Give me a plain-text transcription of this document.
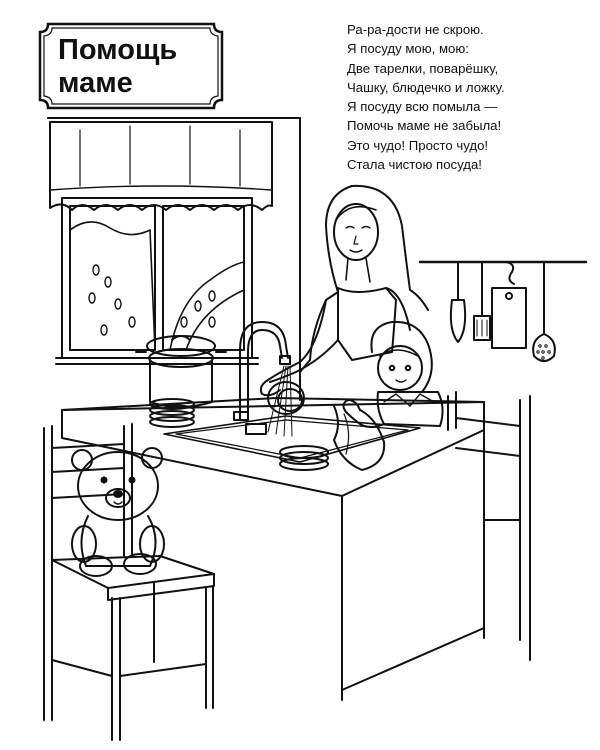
Помощь
маме
Ра-ра-дости не скрою.
Я посуду мою, мою:
Две тарелки, поварёшку,
Чашку, блюдечко и ложку.
Я посуду всю помыла —
Помочь маме не забыла!
Это чудо! Просто чудо!
Стала чистою посуда!
